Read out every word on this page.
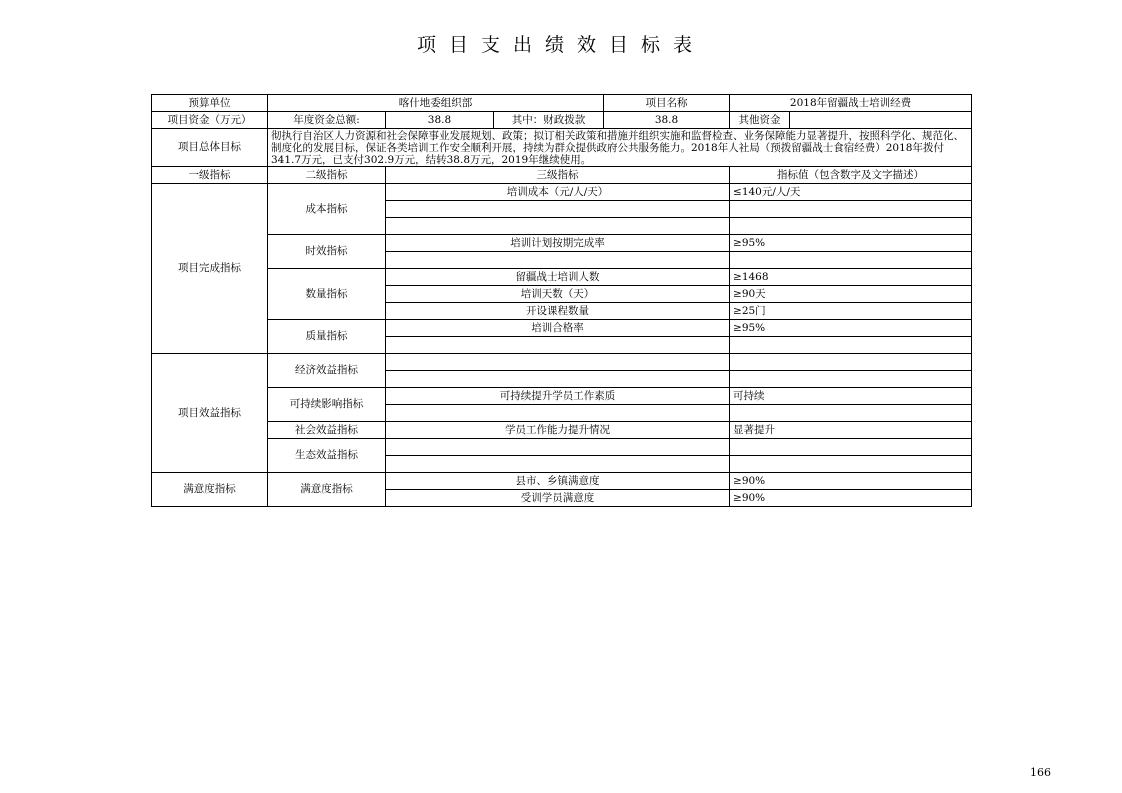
项目支出绩效目标表
预算单位	喀什地委组织部			项目名称	2018年留疆战士培训经费	
项目资金（万元）	年度资金总额:	38.8	其中：财政拨款	38.8	其他资金	
项目总体目标	彻执行自治区人力资源和社会保障事业发展规划、政策；拟订相关政策和措施并组织实施和监督检查、业务保障能力显著提升，按照科学化、规范化、制度化的发展目标，保证各类培训工作安全顺利开展，持续为群众提供政府公共服务能力。2018年人社局（预拨留疆战士食宿经费）2018年拨付341.7万元，已支付302.9万元，结转38.8万元，2019年继续使用。					
一级指标	二级指标	三级指标			指标值（包含数字及文字描述）	
项目完成指标	成本指标	培训成本（元/人/天）			≤140元/人/天	

	时效指标	培训计划按期完成率			≥95%	

	数量指标	留疆战士培训人数			≥1468	
		培训天数（天）			≥90天	
		开设课程数量			≥25门	
	质量指标	培训合格率			≥95%	

项目效益指标	经济效益指标					

	可持续影响指标	可持续提升学员工作素质			可持续	

	社会效益指标	学员工作能力提升情况			显著提升	
	生态效益指标					

满意度指标	满意度指标	县市、乡镇满意度			≥90%	
		受训学员满意度			≥90%	
166
